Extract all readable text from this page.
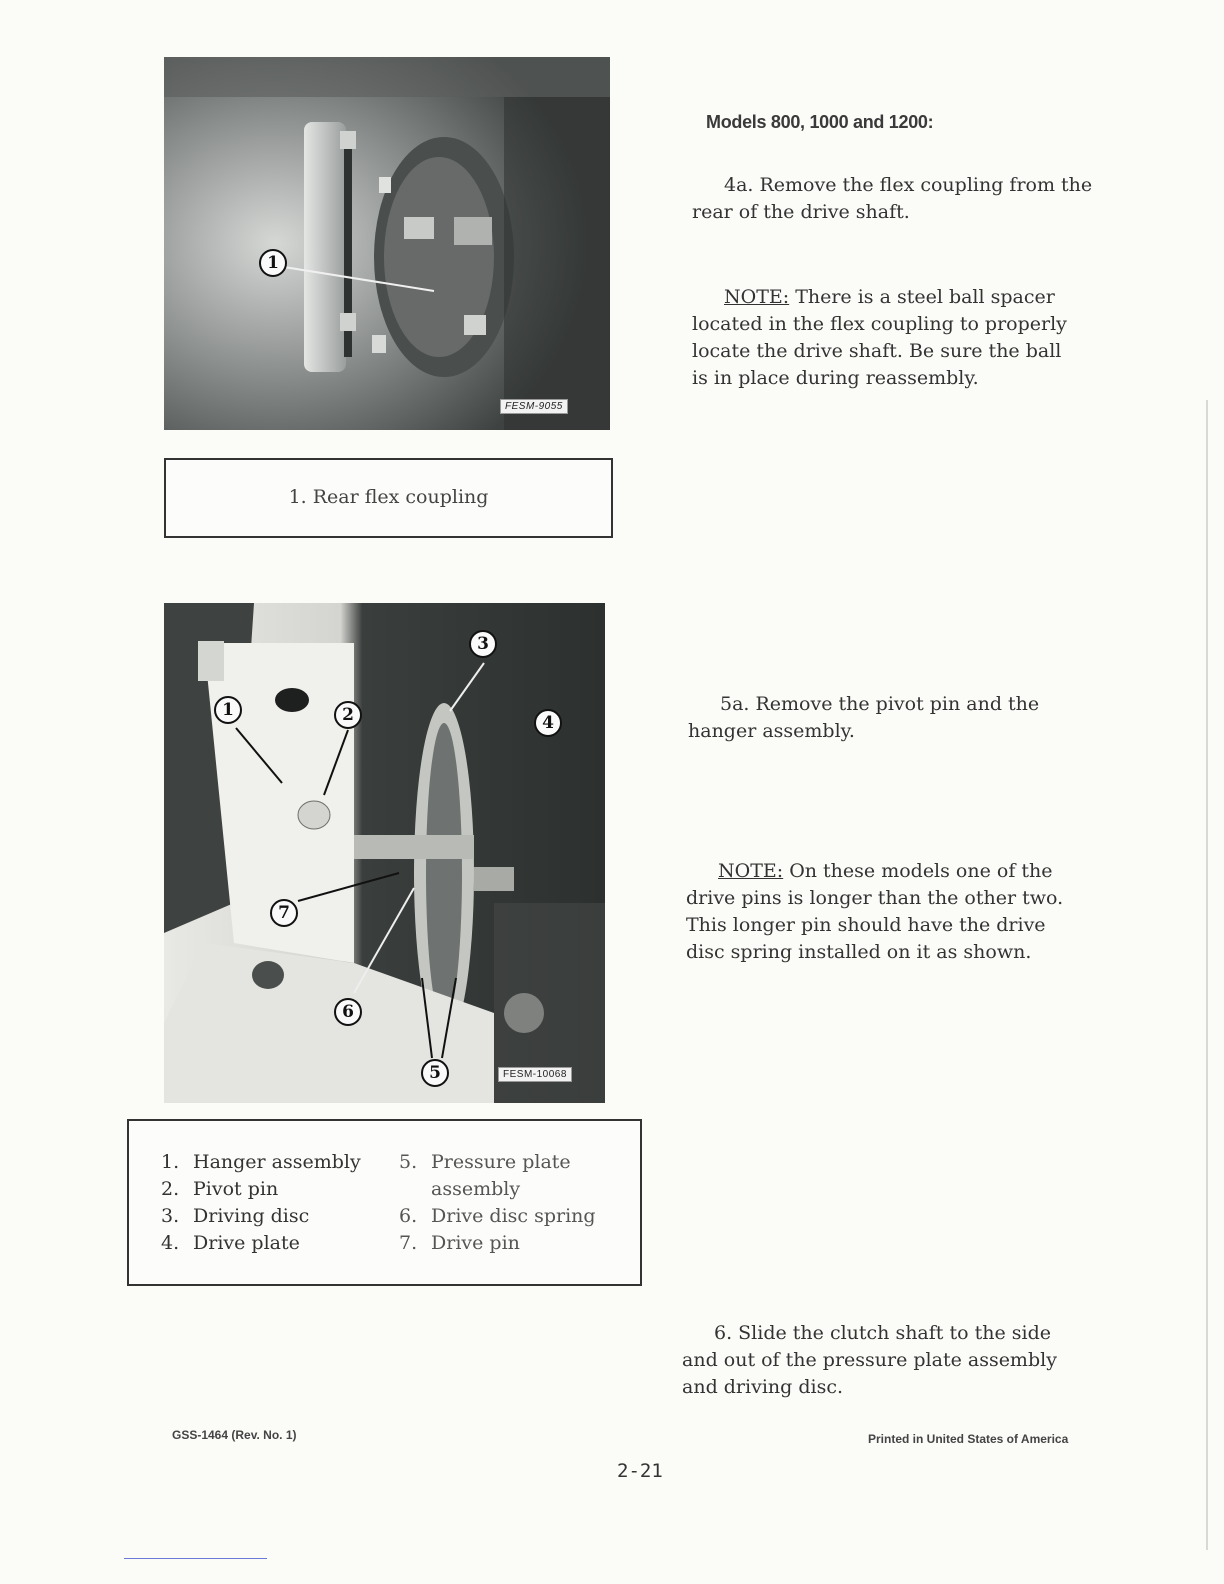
1
FESM-9055
1. Rear flex coupling
1	2
3
4
5
6
7
FESM-10068
1. Hanger assembly
2. Pivot pin
3. Driving disc
4. Drive plate
5. Pressure plate
assembly
6. Drive disc spring
7. Drive pin
Models 800, 1000 and 1200:
4a. Remove the flex coupling from the
rear of the drive shaft.
NOTE: There is a steel ball spacer
located in the flex coupling to properly
locate the drive shaft. Be sure the ball
is in place during reassembly.
5a. Remove the pivot pin and the
hanger assembly.
NOTE: On these models one of the
drive pins is longer than the other two.
This longer pin should have the drive
disc spring installed on it as shown.
6. Slide the clutch shaft to the side
and out of the pressure plate assembly
and driving disc.
GSS-1464 (Rev. No. 1)	Printed in United States of America
2-21
